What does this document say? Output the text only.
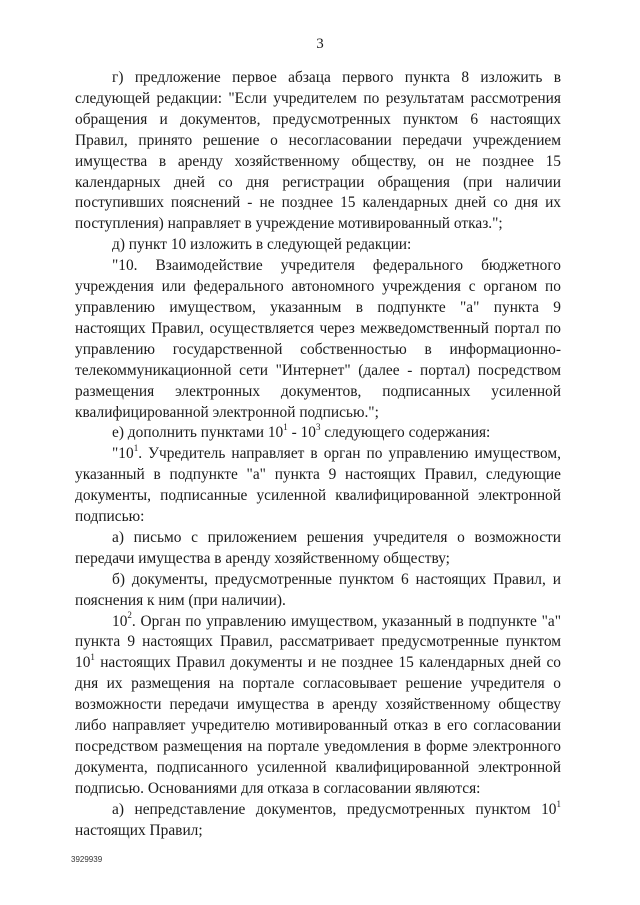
3

г) предложение первое абзаца первого пункта 8 изложить в следующей редакции: "Если учредителем по результатам рассмотрения обращения и документов, предусмотренных пунктом 6 настоящих Правил, принято решение о несогласовании передачи учреждением имущества в аренду хозяйственному обществу, он не позднее 15 календарных дней со дня регистрации обращения (при наличии поступивших пояснений - не позднее 15 календарных дней со дня их поступления) направляет в учреждение мотивированный отказ.";

д) пункт 10 изложить в следующей редакции:

"10. Взаимодействие учредителя федерального бюджетного учреждения или федерального автономного учреждения с органом по управлению имуществом, указанным в подпункте "а" пункта 9 настоящих Правил, осуществляется через межведомственный портал по управлению государственной собственностью в информационно-телекоммуникационной сети "Интернет" (далее - портал) посредством размещения электронных документов, подписанных усиленной квалифицированной электронной подписью.";

е) дополнить пунктами $10^1 - 10^3$ следующего содержания:

"$10^1$. Учредитель направляет в орган по управлению имуществом, указанный в подпункте "а" пункта 9 настоящих Правил, следующие документы, подписанные усиленной квалифицированной электронной подписью:

а) письмо с приложением решения учредителя о возможности передачи имущества в аренду хозяйственному обществу;

б) документы, предусмотренные пунктом 6 настоящих Правил, и пояснения к ним (при наличии).

$10^2$. Орган по управлению имуществом, указанный в подпункте "а" пункта 9 настоящих Правил, рассматривает предусмотренные пунктом $10^1$ настоящих Правил документы и не позднее 15 календарных дней со дня их размещения на портале согласовывает решение учредителя о возможности передачи имущества в аренду хозяйственному обществу либо направляет учредителю мотивированный отказ в его согласовании посредством размещения на портале уведомления в форме электронного документа, подписанного усиленной квалифицированной электронной подписью. Основаниями для отказа в согласовании являются:

а) непредставление документов, предусмотренных пунктом $10^1$ настоящих Правил;

3929939
